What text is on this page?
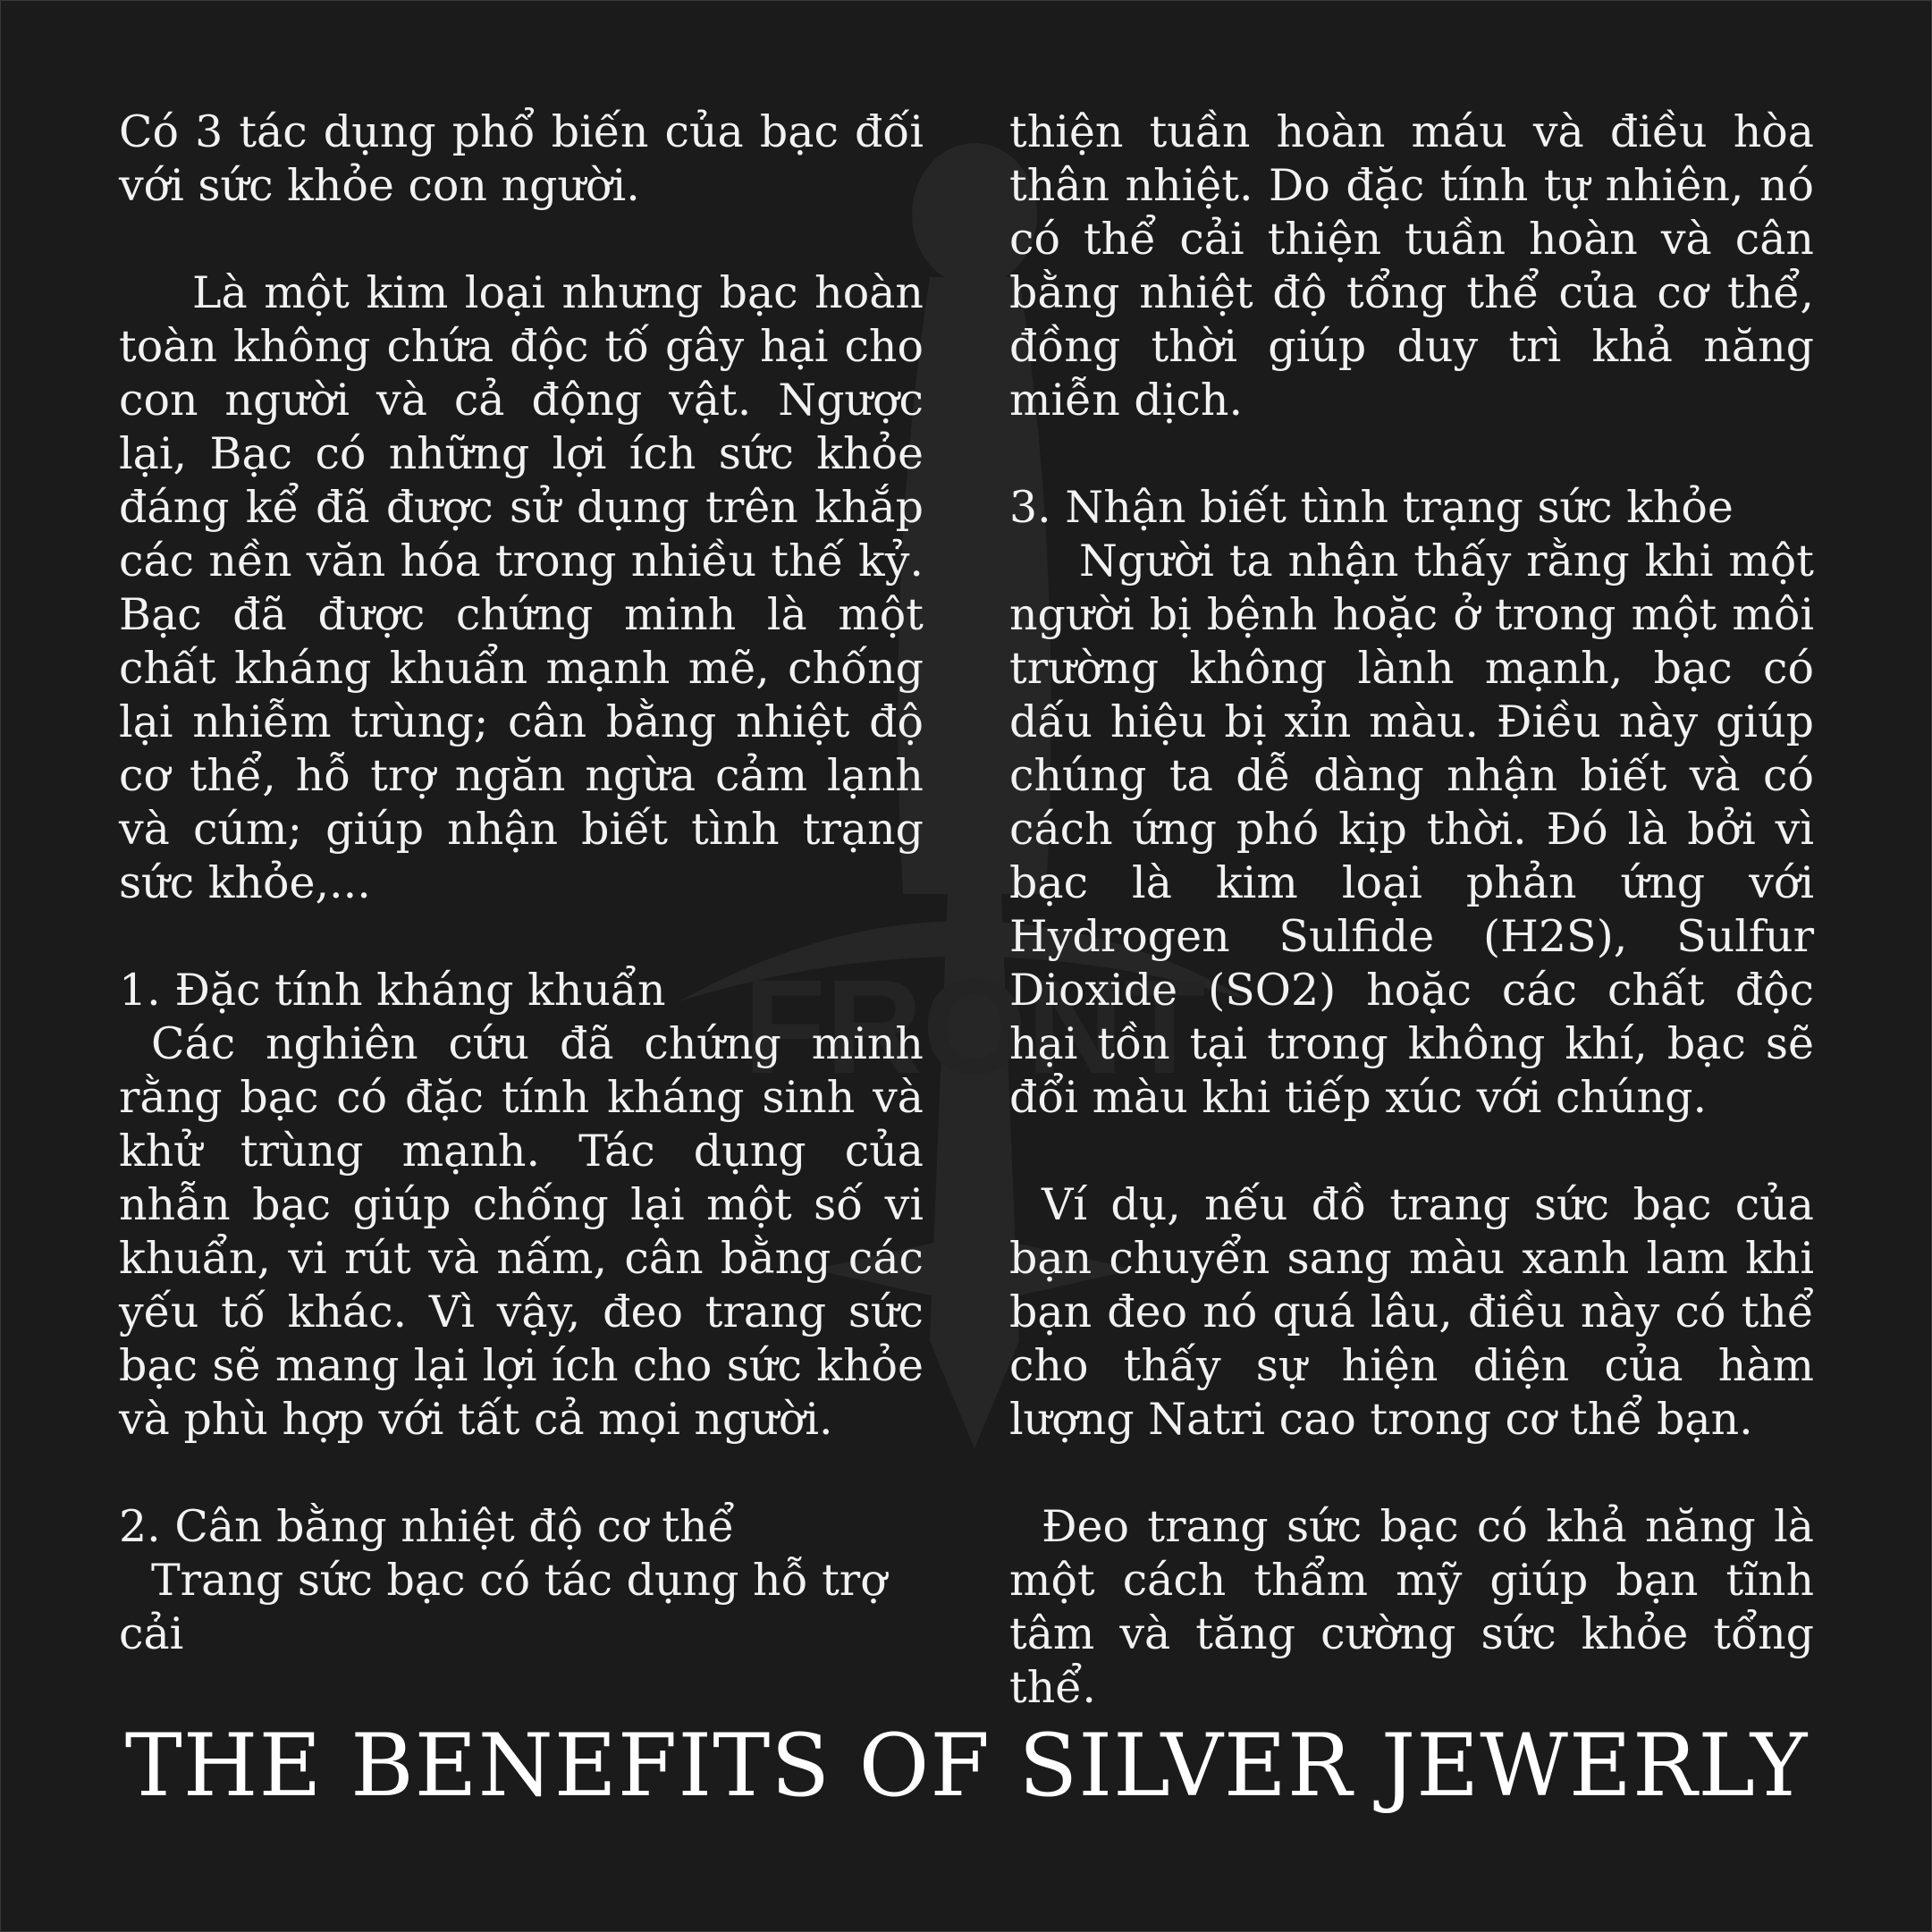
FRONT

Có 3 tác dụng phổ biến của bạc đối với sức khỏe con người.

Là một kim loại nhưng bạc hoàn toàn không chứa độc tố gây hại cho con người và cả động vật. Ngược lại, Bạc có những lợi ích sức khỏe đáng kể đã được sử dụng trên khắp các nền văn hóa trong nhiều thế kỷ. Bạc đã được chứng minh là một chất kháng khuẩn mạnh mẽ, chống lại nhiễm trùng; cân bằng nhiệt độ cơ thể, hỗ trợ ngăn ngừa cảm lạnh và cúm; giúp nhận biết tình trạng sức khỏe,...

1. Đặc tính kháng khuẩn

Các nghiên cứu đã chứng minh rằng bạc có đặc tính kháng sinh và khử trùng mạnh. Tác dụng của nhẫn bạc giúp chống lại một số vi khuẩn, vi rút và nấm, cân bằng các yếu tố khác. Vì vậy, đeo trang sức bạc sẽ mang lại lợi ích cho sức khỏe và phù hợp với tất cả mọi người.

2. Cân bằng nhiệt độ cơ thể

Trang sức bạc có tác dụng hỗ trợ cải

thiện tuần hoàn máu và điều hòa thân nhiệt. Do đặc tính tự nhiên, nó có thể cải thiện tuần hoàn và cân bằng nhiệt độ tổng thể của cơ thể, đồng thời giúp duy trì khả năng miễn dịch.

3. Nhận biết tình trạng sức khỏe

Người ta nhận thấy rằng khi một người bị bệnh hoặc ở trong một môi trường không lành mạnh, bạc có dấu hiệu bị xỉn màu. Điều này giúp chúng ta dễ dàng nhận biết và có cách ứng phó kịp thời. Đó là bởi vì bạc là kim loại phản ứng với Hydrogen Sulfide (H2S), Sulfur Dioxide (SO2) hoặc các chất độc hại tồn tại trong không khí, bạc sẽ đổi màu khi tiếp xúc với chúng.

Ví dụ, nếu đồ trang sức bạc của bạn chuyển sang màu xanh lam khi bạn đeo nó quá lâu, điều này có thể cho thấy sự hiện diện của hàm lượng Natri cao trong cơ thể bạn.

Đeo trang sức bạc có khả năng là một cách thẩm mỹ giúp bạn tĩnh tâm và tăng cường sức khỏe tổng thể.

THE BENEFITS OF SILVER JEWERLY
